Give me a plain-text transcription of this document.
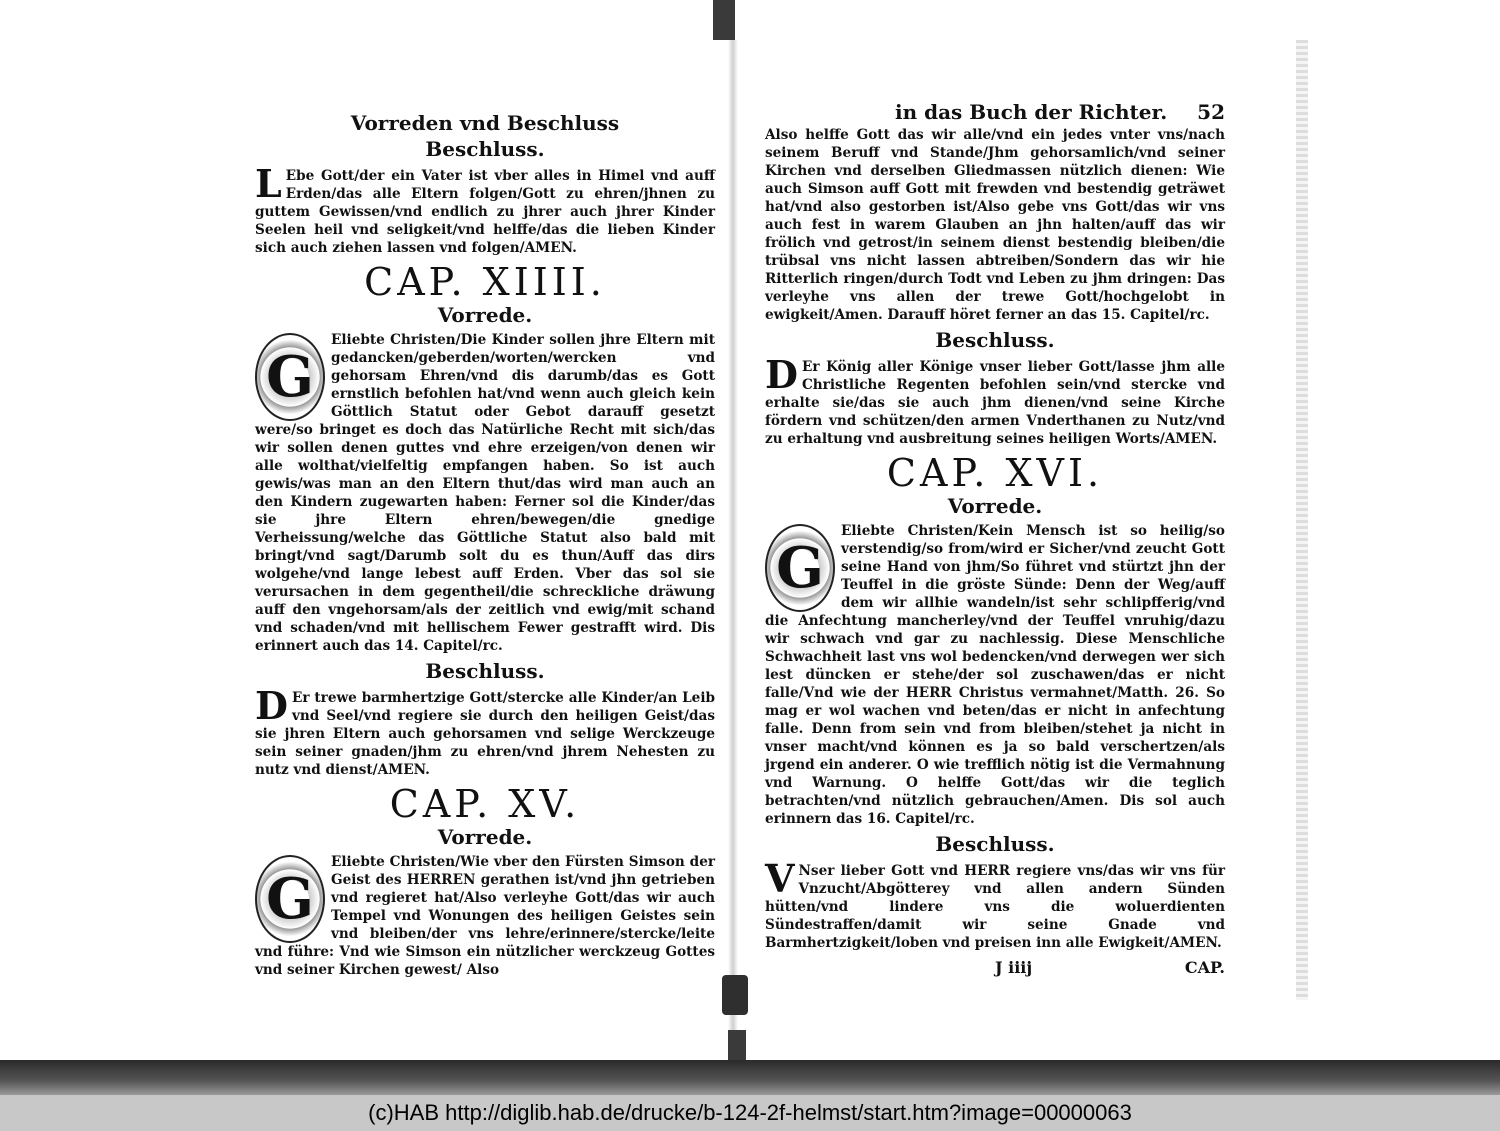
Vorreden vnd Beschluss
Beschluss.
L Ebe Gott/der ein Vater ist vber alles in Himel vnd auff Erden/das alle Eltern folgen/Gott zu ehren/jhnen zu guttem Gewissen/vnd endlich zu jhrer auch jhrer Kinder Seelen heil vnd seligkeit/vnd helffe/das die lieben Kinder sich auch ziehen lassen vnd folgen/AMEN.
CAP. XIIII.
Vorrede.
G
Eliebte Christen/Die Kinder sollen jhre Eltern mit gedancken/geberden/worten/wercken vnd gehorsam Ehren/vnd dis darumb/das es Gott ernstlich befohlen hat/vnd wenn auch gleich kein Göttlich Statut oder Gebot darauff gesetzt were/so bringet es doch das Natürliche Recht mit sich/das wir sollen denen guttes vnd ehre erzeigen/von denen wir alle wolthat/vielfeltig empfangen haben. So ist auch gewis/was man an den Eltern thut/das wird man auch an den Kindern zugewarten haben: Ferner sol die Kinder/das sie jhre Eltern ehren/bewegen/die gnedige Verheissung/welche das Göttliche Statut also bald mit bringt/vnd sagt/Darumb solt du es thun/Auff das dirs wolgehe/vnd lange lebest auff Erden. Vber das sol sie verursachen in dem gegentheil/die schreckliche dräwung auff den vngehorsam/als der zeitlich vnd ewig/mit schand vnd schaden/vnd mit hellischem Fewer gestrafft wird. Dis erinnert auch das 14. Capitel/rc.
Beschluss.
D Er trewe barmhertzige Gott/stercke alle Kinder/an Leib vnd Seel/vnd regiere sie durch den heiligen Geist/das sie jhren Eltern auch gehorsamen vnd selige Werckzeuge sein seiner gnaden/jhm zu ehren/vnd jhrem Nehesten zu nutz vnd dienst/AMEN.
CAP. XV.
Vorrede.
G
Eliebte Christen/Wie vber den Fürsten Simson der Geist des HERREN gerathen ist/vnd jhn getrieben vnd regieret hat/Also verleyhe Gott/das wir auch Tempel vnd Wonungen des heiligen Geistes sein vnd bleiben/der vns lehre/erinnere/stercke/leite vnd führe: Vnd wie Simson ein nützlicher werckzeug Gottes vnd seiner Kirchen gewest/ Also
in das Buch der Richter. 52
Also helffe Gott das wir alle/vnd ein jedes vnter vns/nach seinem Beruff vnd Stande/Jhm gehorsamlich/vnd seiner Kirchen vnd derselben Gliedmassen nützlich dienen: Wie auch Simson auff Gott mit frewden vnd bestendig geträwet hat/vnd also gestorben ist/Also gebe vns Gott/das wir vns auch fest in warem Glauben an jhn halten/auff das wir frölich vnd getrost/in seinem dienst bestendig bleiben/die trübsal vns nicht lassen abtreiben/Sondern das wir hie Ritterlich ringen/durch Todt vnd Leben zu jhm dringen: Das verleyhe vns allen der trewe Gott/hochgelobt in ewigkeit/Amen. Darauff höret ferner an das 15. Capitel/rc.
Beschluss.
D Er König aller Könige vnser lieber Gott/lasse jhm alle Christliche Regenten befohlen sein/vnd stercke vnd erhalte sie/das sie auch jhm dienen/vnd seine Kirche fördern vnd schützen/den armen Vnderthanen zu Nutz/vnd zu erhaltung vnd ausbreitung seines heiligen Worts/AMEN.
CAP. XVI.
Vorrede.
G
Eliebte Christen/Kein Mensch ist so heilig/so verstendig/so from/wird er Sicher/vnd zeucht Gott seine Hand von jhm/So führet vnd stürtzt jhn der Teuffel in die gröste Sünde: Denn der Weg/auff dem wir allhie wandeln/ist sehr schlipfferig/vnd die Anfechtung mancherley/vnd der Teuffel vnruhig/dazu wir schwach vnd gar zu nachlessig. Diese Menschliche Schwachheit last vns wol bedencken/vnd derwegen wer sich lest düncken er stehe/der sol zuschawen/das er nicht falle/Vnd wie der HERR Christus vermahnet/Matth. 26. So mag er wol wachen vnd beten/das er nicht in anfechtung falle. Denn from sein vnd from bleiben/stehet ja nicht in vnser macht/vnd können es ja so bald verschertzen/als jrgend ein anderer. O wie trefflich nötig ist die Vermahnung vnd Warnung. O helffe Gott/das wir die teglich betrachten/vnd nützlich gebrauchen/Amen. Dis sol auch erinnern das 16. Capitel/rc.
Beschluss.
V Nser lieber Gott vnd HERR regiere vns/das wir vns für Vnzucht/Abgötterey vnd allen andern Sünden hütten/vnd lindere vns die woluerdienten Sündestraffen/damit wir seine Gnade vnd Barmhertzigkeit/loben vnd preisen inn alle Ewigkeit/AMEN.
J iiij	CAP.
(c)HAB http://diglib.hab.de/drucke/b-124-2f-helmst/start.htm?image=00000063
